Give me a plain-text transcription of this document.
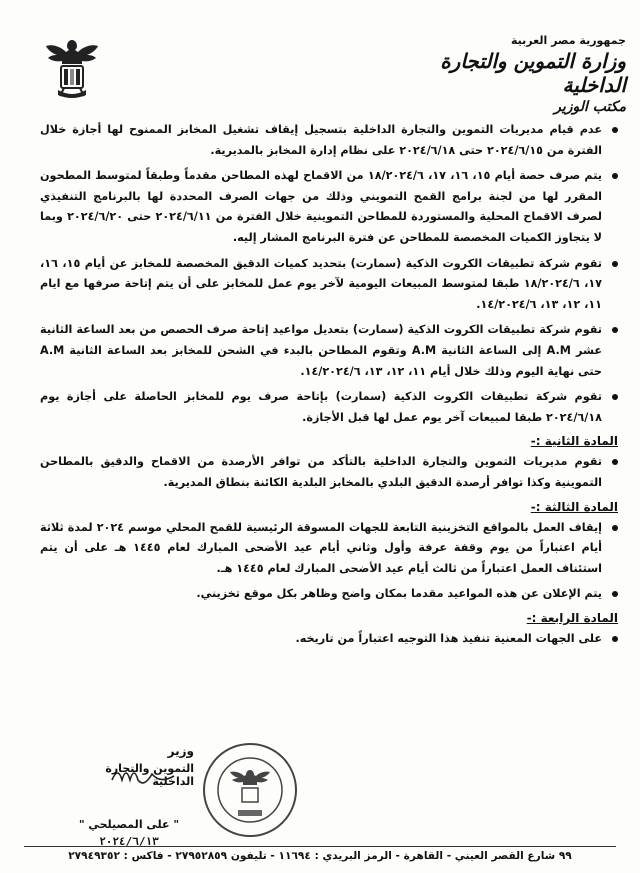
جمهورية مصر العربية
وزارة التموين والتجارة الداخلية
مكتب الوزير
عدم قيام مديريات التموين والتجارة الداخلية بتسجيل إيقاف تشغيل المخابز الممنوح لها أجازة خلال الفترة من ٢٠٢٤/٦/١٥ حتى ٢٠٢٤/٦/١٨ على نظام إدارة المخابز بالمديرية.
يتم صرف حصة أيام ١٥، ١٦، ١٧، ١٨/٢٠٢٤/٦ من الاقماح لهذه المطاحن مقدماً وطبقاً لمتوسط المطحون المقرر لها من لجنة برامج القمح التمويني وذلك من جهات الصرف المحددة لها بالبرنامج التنفيذي لصرف الاقماح المحلية والمستوردة للمطاحن التموينية خلال الفترة من ٢٠٢٤/٦/١١ حتى ٢٠٢٤/٦/٢٠ وبما لا يتجاوز الكميات المخصصة للمطاحن عن فترة البرنامج المشار إليه.
تقوم شركة تطبيقات الكروت الذكية (سمارت) بتحديد كميات الدقيق المخصصة للمخابز عن أيام ١٥، ١٦، ١٧، ١٨/٢٠٢٤/٦ طبقا لمتوسط المبيعات اليومية لآخر يوم عمل للمخابز على أن يتم إتاحة صرفها مع ايام ١١، ١٢، ١٣، ١٤/٢٠٢٤/٦.
تقوم شركة تطبيقات الكروت الذكية (سمارت) بتعديل مواعيد إتاحة صرف الحصص من بعد الساعة الثانية عشر A.M إلى الساعة الثانية A.M وتقوم المطاحن بالبدء في الشحن للمخابز بعد الساعة الثانية A.M حتى نهاية اليوم وذلك خلال أيام ١١، ١٢، ١٣، ١٤/٢٠٢٤/٦.
تقوم شركة تطبيقات الكروت الذكية (سمارت) بإتاحة صرف يوم للمخابز الحاصلة على أجازة يوم ٢٠٢٤/٦/١٨ طبقا لمبيعات آخر يوم عمل لها قبل الأجازة.
المادة الثانية :-
تقوم مديريات التموين والتجارة الداخلية بالتأكد من توافر الأرصدة من الاقماح والدقيق بالمطاحن التموينية وكذا توافر أرصدة الدقيق البلدي بالمخابز البلدية الكائنة بنطاق المديرية.
المادة الثالثة :-
إيقاف العمل بالمواقع التخزينية التابعة للجهات المسوقة الرئيسية للقمح المحلي موسم ٢٠٢٤ لمدة ثلاثة أيام اعتباراً من يوم وقفة عرفة وأول وثاني أيام عيد الأضحى المبارك لعام ١٤٤٥ هـ على أن يتم استئناف العمل اعتباراً من ثالث أيام عيد الأضحى المبارك لعام ١٤٤٥ هـ.
يتم الإعلان عن هذه المواعيد مقدما بمكان واضح وظاهر بكل موقع تخزيني.
المادة الرابعة :-
على الجهات المعنية تنفيذ هذا التوجيه اعتباراً من تاريخه.
وزير
التموين والتجارة الداخلية
" على المصيلحي "
٢٠٢٤/٦/١٣
٩٩ شارع القصر العيني - القاهرة - الرمز البريدي : ١١٦٩٤ - تليفون ٢٧٩٥٢٨٥٩ - فاكس : ٢٧٩٤٩٣٥٢
